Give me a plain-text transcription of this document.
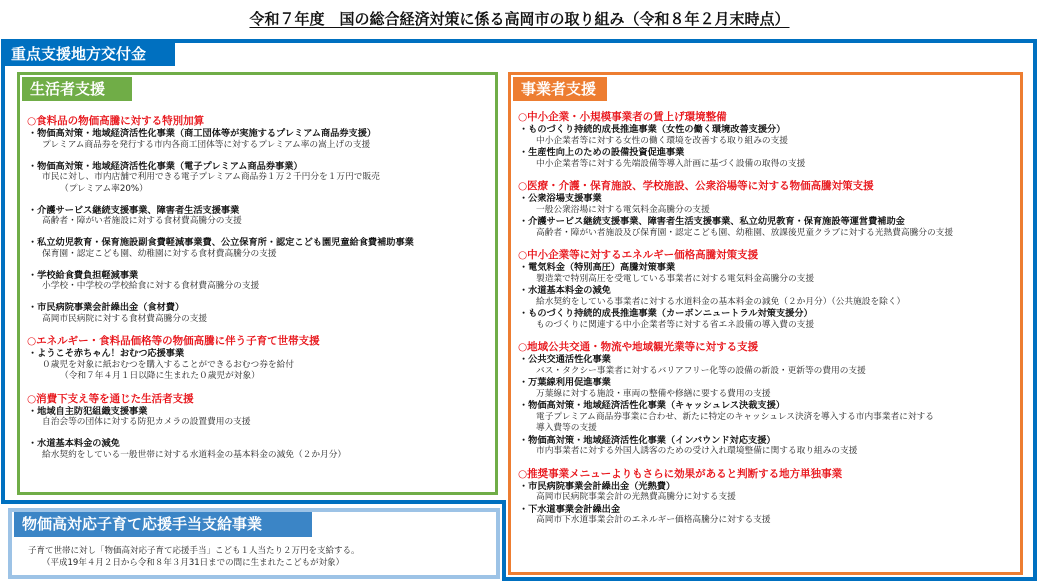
令和７年度　国の総合経済対策に係る高岡市の取り組み（令和８年２月末時点）
重点支援地方交付金
生活者支援
○食料品の物価高騰に対する特別加算
・物価高対策・地域経済活性化事業（商工団体等が実施するプレミアム商品券支援）
プレミアム商品券を発行する市内各商工団体等に対するプレミアム率の嵩上げの支援
・物価高対策・地域経済活性化事業（電子プレミアム商品券事業）
市民に対し、市内店舗で利用できる電子プレミアム商品券１万２千円分を１万円で販売
（プレミアム率20%）
・介護サービス継続支援事業、障害者生活支援事業
高齢者・障がい者施設に対する食材費高騰分の支援
・私立幼児教育・保育施設副食費軽減事業費、公立保育所・認定こども園児童給食費補助事業
保育園・認定こども園、幼稚園に対する食材費高騰分の支援
・学校給食費負担軽減事業
小学校・中学校の学校給食に対する食材費高騰分の支援
・市民病院事業会計繰出金（食材費）
高岡市民病院に対する食材費高騰分の支援
○エネルギー・食料品価格等の物価高騰に伴う子育て世帯支援
・ようこそ赤ちゃん！おむつ応援事業
０歳児を対象に紙おむつを購入することができるおむつ券を給付
（令和７年４月１日以降に生まれた０歳児が対象）
○消費下支え等を通じた生活者支援
・地域自主防犯組織支援事業
自治会等の団体に対する防犯カメラの設置費用の支援
・水道基本料金の減免
給水契約をしている一般世帯に対する水道料金の基本料金の減免（２か月分）
事業者支援
○中小企業・小規模事業者の賃上げ環境整備
・ものづくり持続的成長推進事業（女性の働く環境改善支援分）
中小企業者等に対する女性の働く環境を改善する取り組みの支援
・生産性向上のための設備投資促進事業
中小企業者等に対する先端設備等導入計画に基づく設備の取得の支援
○医療・介護・保育施設、学校施設、公衆浴場等に対する物価高騰対策支援
・公衆浴場支援事業
一般公衆浴場に対する電気料金高騰分の支援
・介護サービス継続支援事業、障害者生活支援事業、私立幼児教育・保育施設等運営費補助金
高齢者・障がい者施設及び保育園・認定こども園、幼稚園、放課後児童クラブに対する光熱費高騰分の支援
○中小企業等に対するエネルギー価格高騰対策支援
・電気料金（特別高圧）高騰対策事業
製造業で特別高圧を受電している事業者に対する電気料金高騰分の支援
・水道基本料金の減免
給水契約をしている事業者に対する水道料金の基本料金の減免（２か月分）（公共施設を除く）
・ものづくり持続的成長推進事業（カーボンニュートラル対策支援分）
ものづくりに関連する中小企業者等に対する省エネ設備の導入費の支援
○地域公共交通・物流や地域観光業等に対する支援
・公共交通活性化事業
バス・タクシー事業者に対するバリアフリー化等の設備の新設・更新等の費用の支援
・万葉線利用促進事業
万葉線に対する施設・車両の整備や修繕に要する費用の支援
・物価高対策・地域経済活性化事業（キャッシュレス決裁支援）
電子プレミアム商品券事業に合わせ、新たに特定のキャッシュレス決済を導入する市内事業者に対する
導入費等の支援
・物価高対策・地域経済活性化事業（インバウンド対応支援）
市内事業者に対する外国人誘客のための受け入れ環境整備に関する取り組みの支援
○推奨事業メニューよりもさらに効果があると判断する地方単独事業
・市民病院事業会計繰出金（光熱費）
高岡市民病院事業会計の光熱費高騰分に対する支援
・下水道事業会計繰出金
高岡市下水道事業会計のエネルギー価格高騰分に対する支援
物価高対応子育て応援手当支給事業
子育て世帯に対し「物価高対応子育て応援手当」こども１人当たり２万円を支給する。
（平成19年４月２日から令和８年３月31日までの間に生まれたこどもが対象）
